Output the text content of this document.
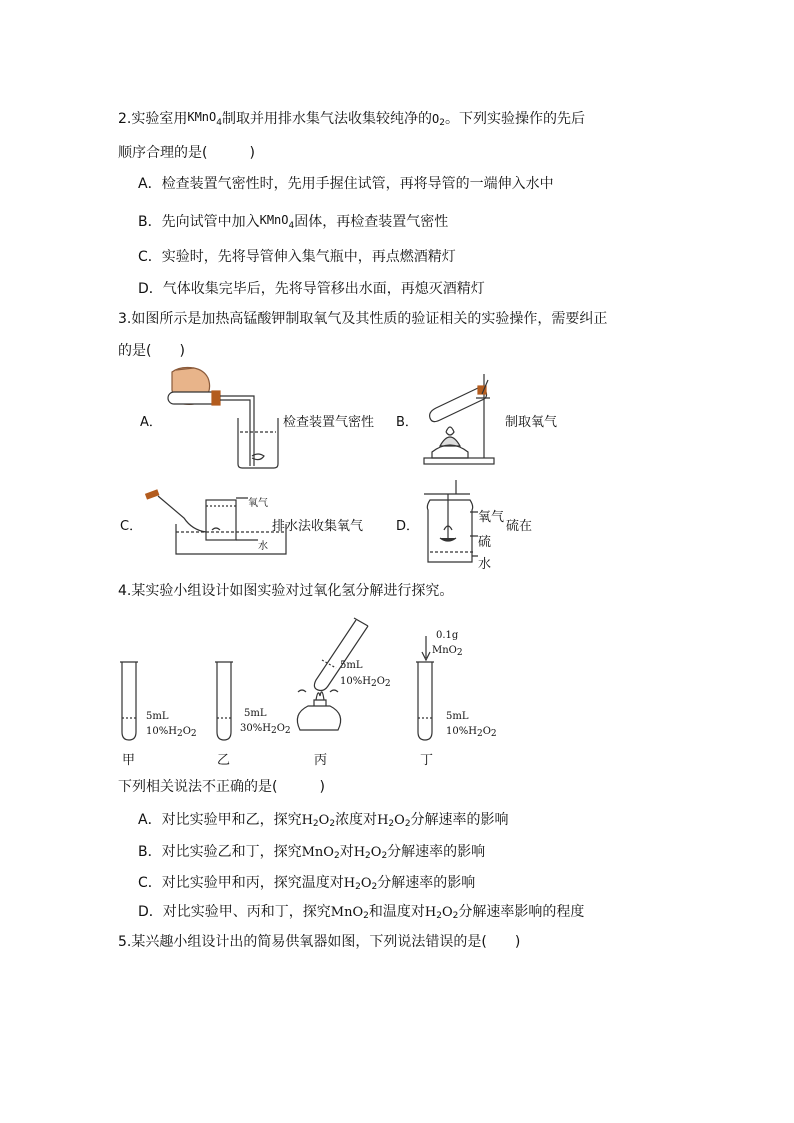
2.实验室用KMnO$_4$制取并用排水集气法收集较纯净的$O_2$。下列实验操作的先后
顺序合理的是(　　　)
A．检查装置气密性时，先用手握住试管，再将导管的一端伸入水中
B．先向试管中加入KMnO$_4$固体，再检查装置气密性
C．实验时，先将导管伸入集气瓶中，再点燃酒精灯
D．气体收集完毕后，先将导管移出水面，再熄灭酒精灯
3.如图所示是加热高锰酸钾制取氧气及其性质的验证相关的实验操作，需要纠正
的是(　　)
A．	检查装置气密性 B．	制取氧气
C．	排水法收集氧气
氧气
水
D．
氧气
硫在
硫
水
4.某实验小组设计如图实验对过氧化氢分解进行探究。
5mL
$10\%H_2O_2$
甲
5mL
$30\%H_2O_2$
乙
5mL
$10\%H_2O_2$
丙
0.1g
MnO$_2$
5mL
$10\%H_2O_2$
丁
下列相关说法不正确的是(　　　)
A．对比实验甲和乙，探究$H_2O_2$浓度对$H_2O_2$分解速率的影响
B．对比实验乙和丁，探究MnO$_2$对$H_2O_2$分解速率的影响
C．对比实验甲和丙，探究温度对$H_2O_2$分解速率的影响
D．对比实验甲、丙和丁，探究MnO$_2$和温度对$H_2O_2$分解速率影响的程度
5.某兴趣小组设计出的简易供氧器如图，下列说法错误的是(　　)
